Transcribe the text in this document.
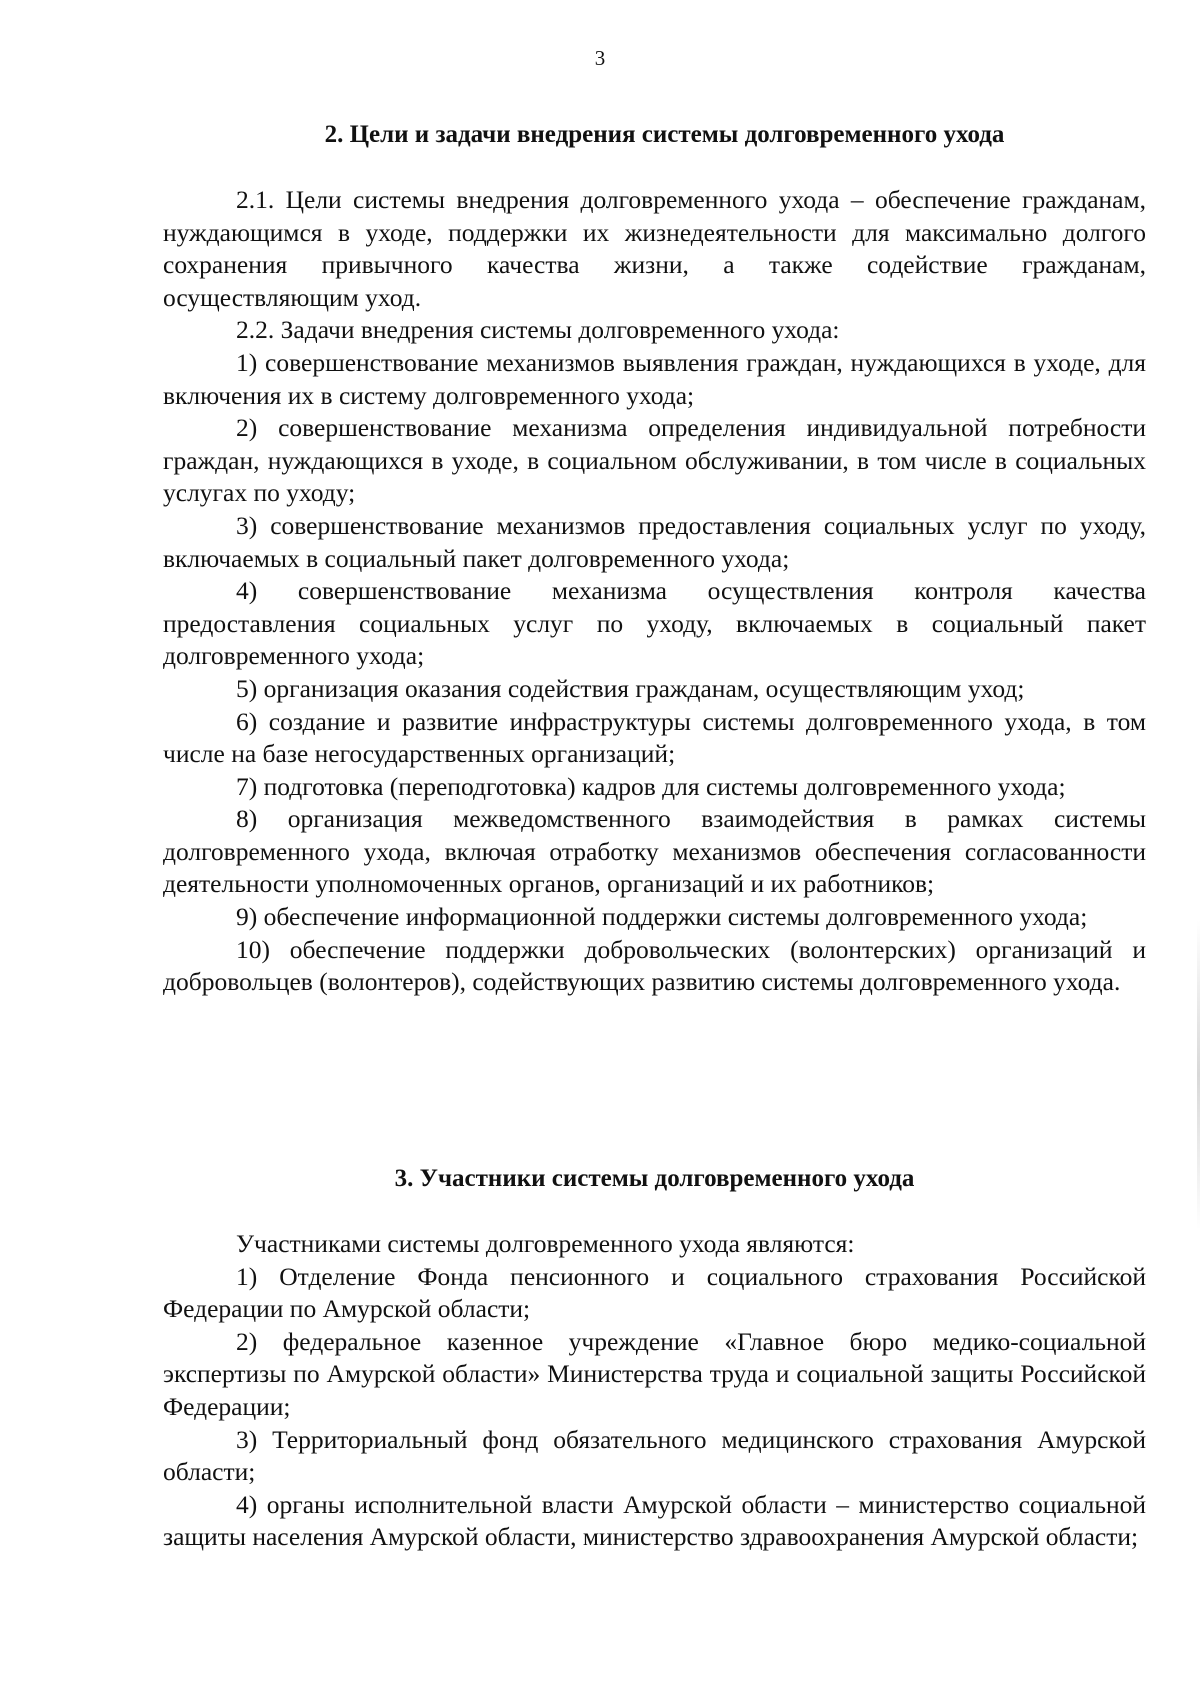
3
2. Цели и задачи внедрения системы долговременного ухода

2.1. Цели системы внедрения долговременного ухода – обеспечение гражданам, нуждающимся в уходе, поддержки их жизнедеятельности для максимально долгого сохранения привычного качества жизни, а также содействие гражданам, осуществляющим уход.

2.2. Задачи внедрения системы долговременного ухода:

1) совершенствование механизмов выявления граждан, нуждающихся в уходе, для включения их в систему долговременного ухода;

2) совершенствование механизма определения индивидуальной потребности граждан, нуждающихся в уходе, в социальном обслуживании, в том числе в социальных услугах по уходу;

3) совершенствование механизмов предоставления социальных услуг по уходу, включаемых в социальный пакет долговременного ухода;

4) совершенствование механизма осуществления контроля качества предоставления социальных услуг по уходу, включаемых в социальный пакет долговременного ухода;

5) организация оказания содействия гражданам, осуществляющим уход;

6) создание и развитие инфраструктуры системы долговременного ухода, в том числе на базе негосударственных организаций;

7) подготовка (переподготовка) кадров для системы долговременного ухода;

8) организация межведомственного взаимодействия в рамках системы долговременного ухода, включая отработку механизмов обеспечения согласованности деятельности уполномоченных органов, организаций и их работников;

9) обеспечение информационной поддержки системы долговременного ухода;

10) обеспечение поддержки добровольческих (волонтерских) организаций и добровольцев (волонтеров), содействующих развитию системы долговременного ухода.

3. Участники системы долговременного ухода

Участниками системы долговременного ухода являются:

1) Отделение Фонда пенсионного и социального страхования Российской Федерации по Амурской области;

2) федеральное казенное учреждение «Главное бюро медико-социальной экспертизы по Амурской области» Министерства труда и социальной защиты Российской Федерации;

3) Территориальный фонд обязательного медицинского страхования Амурской области;

4) органы исполнительной власти Амурской области – министерство социальной защиты населения Амурской области, министерство здравоохранения Амурской области;
